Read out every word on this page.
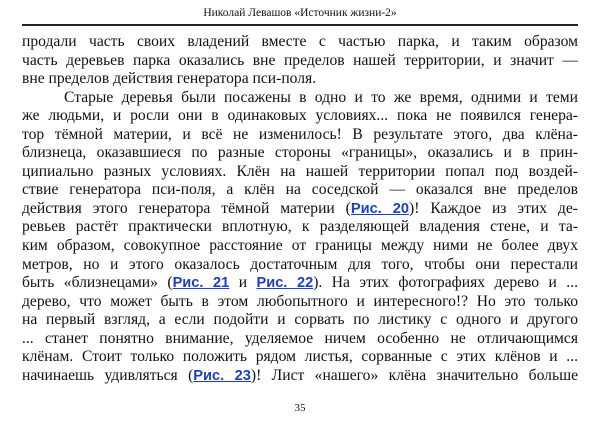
Николай Левашов «Источник жизни-2»
продали часть своих владений вместе с частью парка, и таким образом
часть деревьев парка оказались вне пределов нашей территории, и значит —
вне пределов действия генератора пси-поля.
Старые деревья были посажены в одно и то же время, одними и теми
же людьми, и росли они в одинаковых условиях... пока не появился генера-
тор тёмной материи, и всё не изменилось! В результате этого, два клёна-
близнеца, оказавшиеся по разные стороны «границы», оказались и в прин-
ципиально разных условиях. Клён на нашей территории попал под воздей-
ствие генератора пси-поля, а клён на соседской — оказался вне пределов
действия этого генератора тёмной материи (Рис. 20)! Каждое из этих де-
ревьев растёт практически вплотную, к разделяющей владения стене, и та-
ким образом, совокупное расстояние от границы между ними не более двух
метров, но и этого оказалось достаточным для того, чтобы они перестали
быть «близнецами» (Рис. 21 и Рис. 22). На этих фотографиях дерево и ...
дерево, что может быть в этом любопытного и интересного!? Но это только
на первый взгляд, а если подойти и сорвать по листику с одного и другого
... станет понятно внимание, уделяемое ничем особенно не отличающимся
клёнам. Стоит только положить рядом листья, сорванные с этих клёнов и ...
начинаешь удивляться (Рис. 23)! Лист «нашего» клёна значительно больше
35
